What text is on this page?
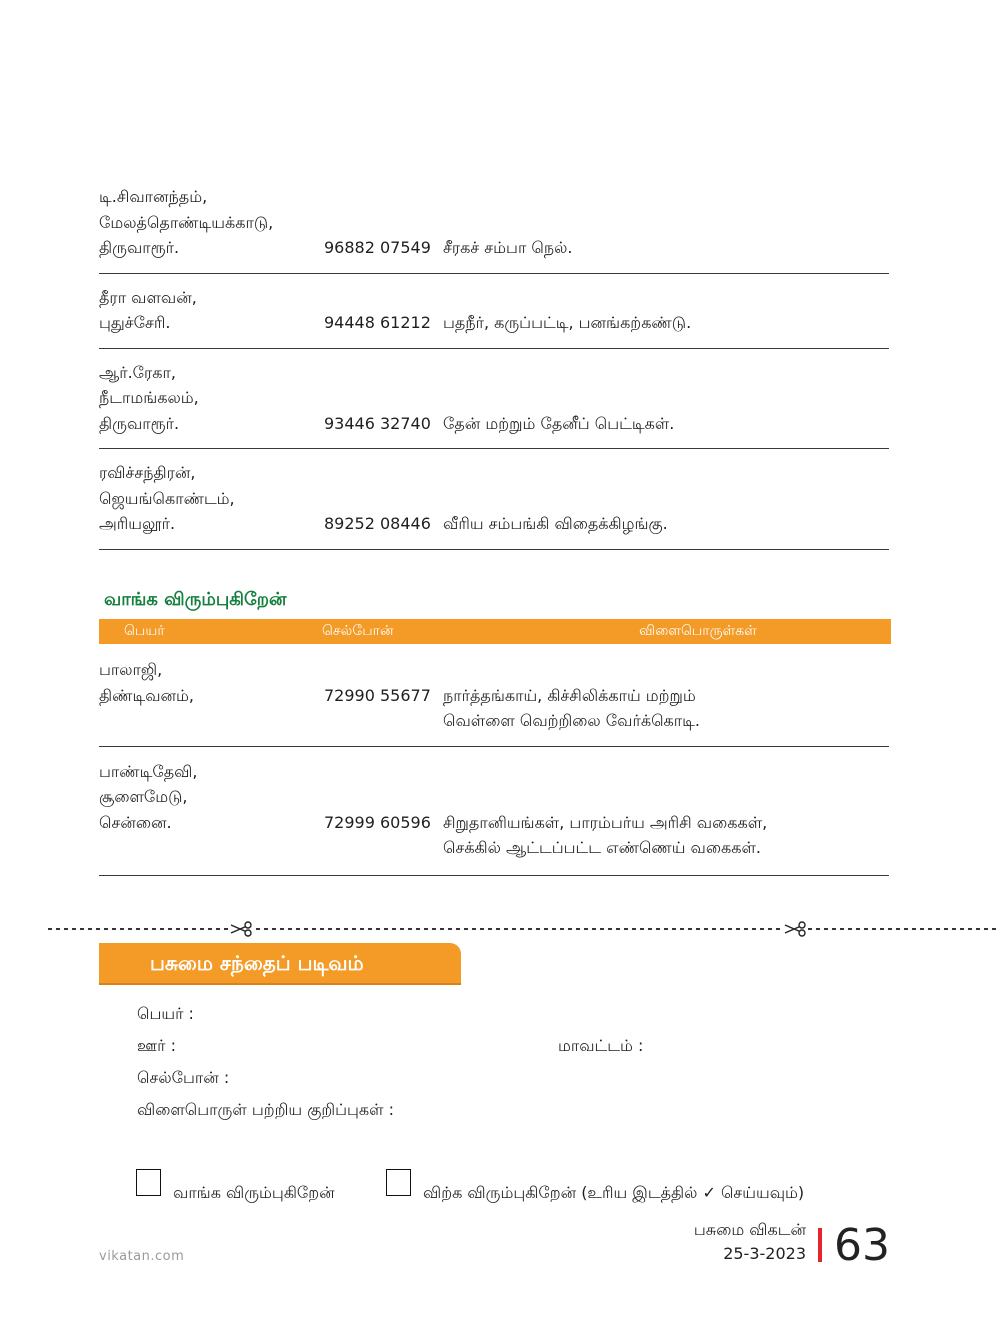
டி.சிவானந்தம்,
மேலத்தொண்டியக்காடு,
திருவாரூர்.	96882 07549 சீரகச் சம்பா நெல்.
தீரா வளவன்,
புதுச்சேரி.	94448 61212 பதநீர், கருப்பட்டி, பனங்கற்கண்டு.
ஆர்.ரேகா,
நீடாமங்கலம்,
திருவாரூர்.	93446 32740 தேன் மற்றும் தேனீப் பெட்டிகள்.
ரவிச்சந்திரன்,
ஜெயங்கொண்டம்,
அரியலூர்.	89252 08446 வீரிய சம்பங்கி விதைக்கிழங்கு.
வாங்க விரும்புகிறேன்
பெயர்	செல்போன்	விளைபொருள்கள்
பாலாஜி,
திண்டிவனம்,	72990 55677 நார்த்தங்காய், கிச்சிலிக்காய் மற்றும்
வெள்ளை வெற்றிலை வேர்க்கொடி.
பாண்டிதேவி,
சூளைமேடு,
சென்னை.	72999 60596 சிறுதானியங்கள், பாரம்பர்ய அரிசி வகைகள்,
செக்கில் ஆட்டப்பட்ட எண்ணெய் வகைகள்.
பசுமை சந்தைப் படிவம்
பெயர் :
ஊர் :	மாவட்டம் :
செல்போன் :
விளைபொருள் பற்றிய குறிப்புகள் :
வாங்க விரும்புகிறேன்	விற்க விரும்புகிறேன் (உரிய இடத்தில் ✓ செய்யவும்)
vikatan.com
பசுமை விகடன்
25-3-2023 63
